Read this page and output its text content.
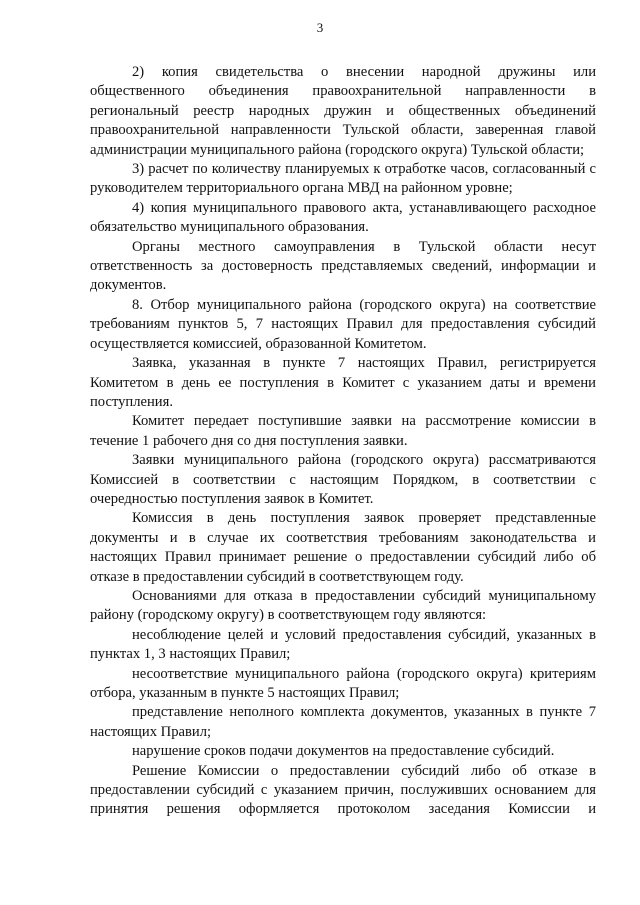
3

2) копия свидетельства о внесении народной дружины или общественного объединения правоохранительной направленности в региональный реестр народных дружин и общественных объединений правоохранительной направленности Тульской области, заверенная главой администрации муниципального района (городского округа) Тульской области;

3) расчет по количеству планируемых к отработке часов, согласованный с руководителем территориального органа МВД на районном уровне;

4) копия муниципального правового акта, устанавливающего расходное обязательство муниципального образования.

Органы местного самоуправления в Тульской области несут ответственность за достоверность представляемых сведений, информации и документов.

8. Отбор муниципального района (городского округа) на соответствие требованиям пунктов 5, 7 настоящих Правил для предоставления субсидий осуществляется комиссией, образованной Комитетом.

Заявка, указанная в пункте 7 настоящих Правил, регистрируется Комитетом в день ее поступления в Комитет с указанием даты и времени поступления.

Комитет передает поступившие заявки на рассмотрение комиссии в течение 1 рабочего дня со дня поступления заявки.

Заявки муниципального района (городского округа) рассматриваются Комиссией в соответствии с настоящим Порядком, в соответствии с очередностью поступления заявок в Комитет.

Комиссия в день поступления заявок проверяет представленные документы и в случае их соответствия требованиям законодательства и настоящих Правил принимает решение о предоставлении субсидий либо об отказе в предоставлении субсидий в соответствующем году.

Основаниями для отказа в предоставлении субсидий муниципальному району (городскому округу) в соответствующем году являются:

несоблюдение целей и условий предоставления субсидий, указанных в пунктах 1, 3 настоящих Правил;

несоответствие муниципального района (городского округа) критериям отбора, указанным в пункте 5 настоящих Правил;

представление неполного комплекта документов, указанных в пункте 7 настоящих Правил;

нарушение сроков подачи документов на предоставление субсидий.

Решение Комиссии о предоставлении субсидий либо об отказе в предоставлении субсидий с указанием причин, послуживших основанием для принятия решения оформляется протоколом заседания Комиссии и
